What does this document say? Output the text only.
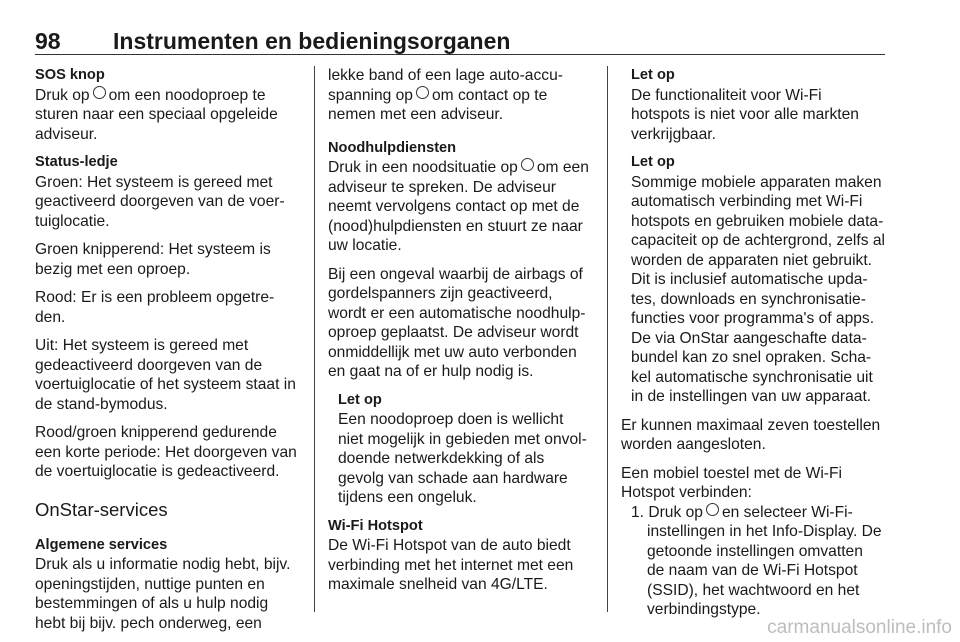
98 Instrumenten en bedieningsorganen
SOS knop
Druk op om een noodoproep te
sturen naar een speciaal opgeleide
adviseur.
Status-ledje
Groen: Het systeem is gereed met
geactiveerd doorgeven van de voer-
tuiglocatie.
Groen knipperend: Het systeem is
bezig met een oproep.
Rood: Er is een probleem opgetre-
den.
Uit: Het systeem is gereed met
gedeactiveerd doorgeven van de
voertuiglocatie of het systeem staat in
de stand-bymodus.
Rood/groen knipperend gedurende
een korte periode: Het doorgeven van
de voertuiglocatie is gedeactiveerd.
OnStar-services
Algemene services
Druk als u informatie nodig hebt, bijv.
openingstijden, nuttige punten en
bestemmingen of als u hulp nodig
hebt bij bijv. pech onderweg, een
lekke band of een lage auto-accu-
spanning op om contact op te
nemen met een adviseur.
Noodhulpdiensten
Druk in een noodsituatie op om een
adviseur te spreken. De adviseur
neemt vervolgens contact op met de
(nood)hulpdiensten en stuurt ze naar
uw locatie.
Bij een ongeval waarbij de airbags of
gordelspanners zijn geactiveerd,
wordt er een automatische noodhulp-
oproep geplaatst. De adviseur wordt
onmiddellijk met uw auto verbonden
en gaat na of er hulp nodig is.
Let op
Een noodoproep doen is wellicht
niet mogelijk in gebieden met onvol-
doende netwerkdekking of als
gevolg van schade aan hardware
tijdens een ongeluk.
Wi-Fi Hotspot
De Wi-Fi Hotspot van de auto biedt
verbinding met het internet met een
maximale snelheid van 4G/LTE.
Let op
De functionaliteit voor Wi-Fi
hotspots is niet voor alle markten
verkrijgbaar.
Let op
Sommige mobiele apparaten maken
automatisch verbinding met Wi-Fi
hotspots en gebruiken mobiele data-
capaciteit op de achtergrond, zelfs al
worden de apparaten niet gebruikt.
Dit is inclusief automatische upda-
tes, downloads en synchronisatie-
functies voor programma's of apps.
De via OnStar aangeschafte data-
bundel kan zo snel opraken. Scha-
kel automatische synchronisatie uit
in de instellingen van uw apparaat.
Er kunnen maximaal zeven toestellen
worden aangesloten.
Een mobiel toestel met de Wi-Fi
Hotspot verbinden:
1. Druk op en selecteer Wi-Fi-
instellingen in het Info-Display. De
getoonde instellingen omvatten
de naam van de Wi-Fi Hotspot
(SSID), het wachtwoord en het
verbindingstype.
carmanualsonline.info
